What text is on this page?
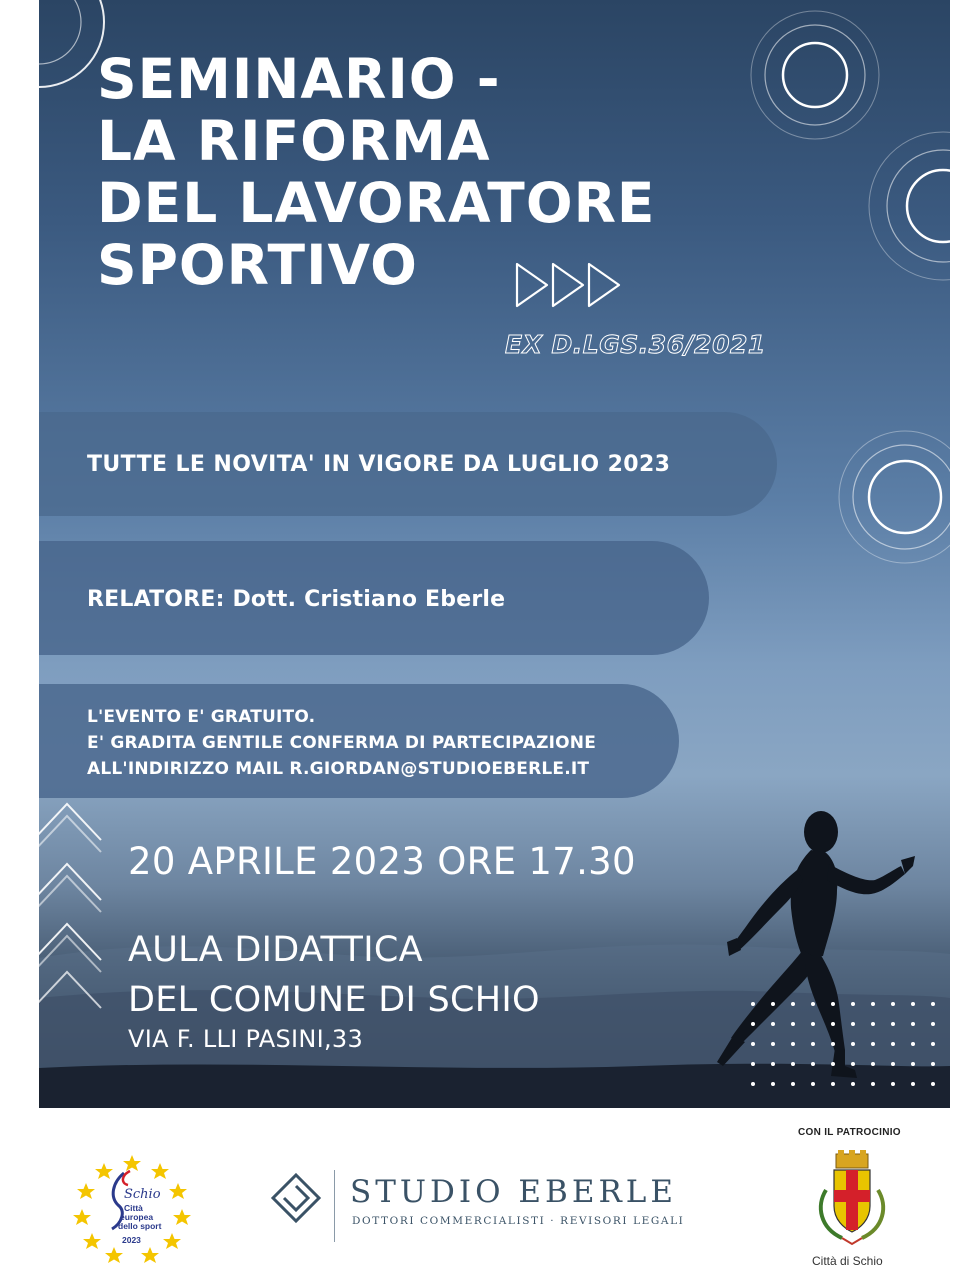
SEMINARIO -
LA RIFORMA
DEL LAVORATORE
SPORTIVO
EX D.LGS.36/2021
TUTTE LE NOVITA' IN VIGORE DA LUGLIO 2023
RELATORE: Dott. Cristiano Eberle
L'EVENTO E' GRATUITO.
E' GRADITA GENTILE CONFERMA DI PARTECIPAZIONE
ALL'INDIRIZZO MAIL R.GIORDAN@STUDIOEBERLE.IT
20 APRILE 2023 ORE 17.30
AULA DIDATTICA
DEL COMUNE DI SCHIO
VIA F. LLI PASINI,33
Schio
Città
europea
dello sport
2023
STUDIO EBERLE
DOTTORI COMMERCIALISTI · REVISORI LEGALI
CON IL PATROCINIO
Città di Schio
